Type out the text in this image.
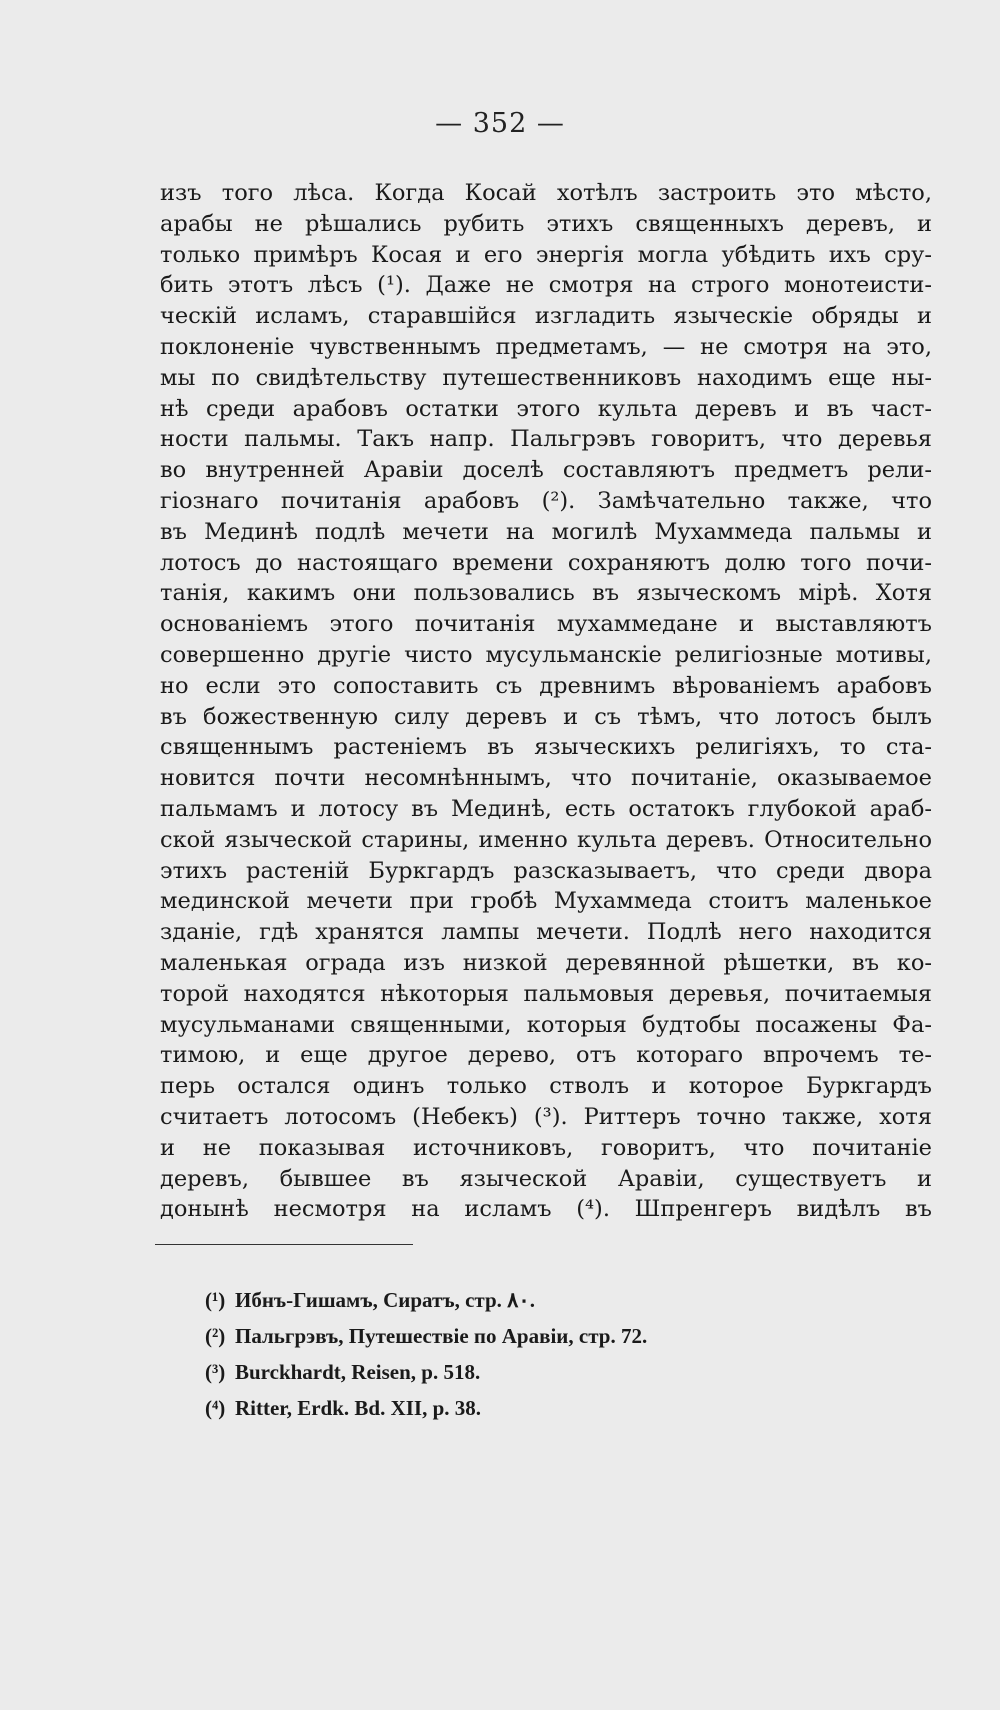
— 352 —
изъ того лѣса. Когда Косай хотѣлъ застроить это мѣсто,
арабы не рѣшались рубить этихъ священныхъ деревъ, и
только примѣръ Косая и его энергія могла убѣдить ихъ сру-
бить этотъ лѣсъ (¹). Даже не смотря на строго монотеисти-
ческій исламъ, старавшійся изгладить языческіе обряды и
поклоненіе чувственнымъ предметамъ, — не смотря на это,
мы по свидѣтельству путешественниковъ находимъ еще ны-
нѣ среди арабовъ остатки этого культа деревъ и въ част-
ности пальмы. Такъ напр. Пальгрэвъ говоритъ, что деревья
во внутренней Аравіи доселѣ составляютъ предметъ рели-
гіознаго почитанія арабовъ (²). Замѣчательно также, что
въ Мединѣ подлѣ мечети на могилѣ Мухаммеда пальмы и
лотосъ до настоящаго времени сохраняютъ долю того почи-
танія, какимъ они пользовались въ языческомъ мірѣ. Хотя
основаніемъ этого почитанія мухаммедане и выставляютъ
совершенно другіе чисто мусульманскіе религіозные мотивы,
но если это сопоставить съ древнимъ вѣрованіемъ арабовъ
въ божественную силу деревъ и съ тѣмъ, что лотосъ былъ
священнымъ растеніемъ въ языческихъ религіяхъ, то ста-
новится почти несомнѣннымъ, что почитаніе, оказываемое
пальмамъ и лотосу въ Мединѣ, есть остатокъ глубокой араб-
ской языческой старины, именно культа деревъ. Относительно
этихъ растеній Буркгардъ разсказываетъ, что среди двора
мединской мечети при гробѣ Мухаммеда стоитъ маленькое
зданіе, гдѣ хранятся лампы мечети. Подлѣ него находится
маленькая ограда изъ низкой деревянной рѣшетки, въ ко-
торой находятся нѣкоторыя пальмовыя деревья, почитаемыя
мусульманами священными, которыя будтобы посажены Фа-
тимою, и еще другое дерево, отъ котораго впрочемъ те-
перь остался одинъ только стволъ и которое Буркгардъ
считаетъ лотосомъ (Небекъ) (³). Риттеръ точно также, хотя
и не показывая источниковъ, говоритъ, что почитаніе
деревъ, бывшее въ языческой Аравіи, существуетъ и
донынѣ несмотря на исламъ (⁴). Шпренгеръ видѣлъ въ
(¹) Ибнъ-Гишамъ, Сиратъ, стр. ۸۰.
(²) Пальгрэвъ, Путешествіе по Аравіи, стр. 72.
(³) Burckhardt, Reisen, p. 518.
(⁴) Ritter, Erdk. Bd. XII, p. 38.
